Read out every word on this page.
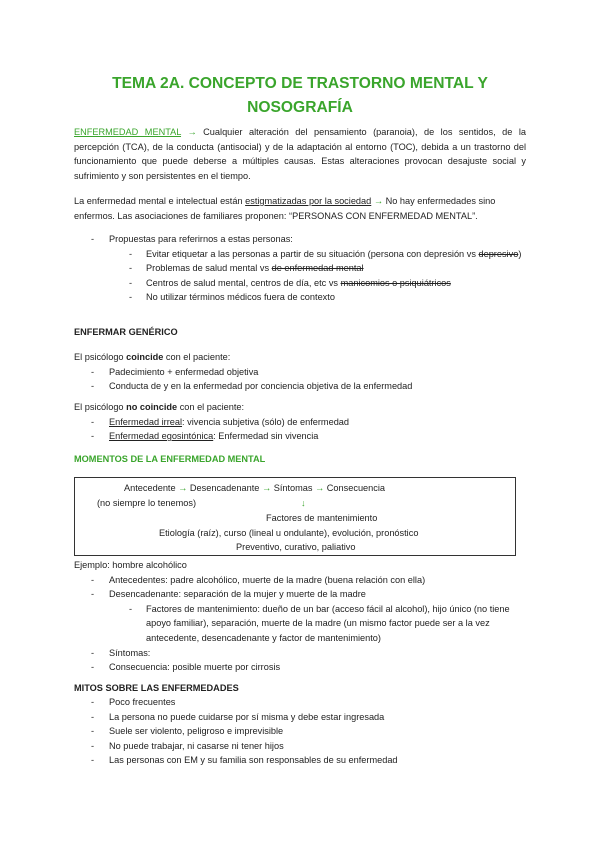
TEMA 2A. CONCEPTO DE TRASTORNO MENTAL Y
NOSOGRAFÍA

ENFERMEDAD MENTAL → Cualquier alteración del pensamiento (paranoia), de los sentidos, de la percepción (TCA), de la conducta (antisocial) y de la adaptación al entorno (TOC), debida a un trastorno del funcionamiento que puede deberse a múltiples causas. Estas alteraciones provocan desajuste social y sufrimiento y son persistentes en el tiempo.

La enfermedad mental e intelectual están estigmatizadas por la sociedad → No hay enfermedades sino enfermos. Las asociaciones de familiares proponen: “PERSONAS CON ENFERMEDAD MENTAL”.

- Propuestas para referirnos a estas personas:
- Evitar etiquetar a las personas a partir de su situación (persona con depresión vs depresivo)
- Problemas de salud mental vs de enfermedad mental
- Centros de salud mental, centros de día, etc vs manicomios o psiquiátricos
- No utilizar términos médicos fuera de contexto
ENFERMAR GENÉRICO

El psicólogo coincide con el paciente:

- Padecimiento + enfermedad objetiva
- Conducta de y en la enfermedad por conciencia objetiva de la enfermedad

El psicólogo no coincide con el paciente:

- Enfermedad irreal: vivencia subjetiva (sólo) de enfermedad
- Enfermedad egosintónica: Enfermedad sin vivencia
MOMENTOS DE LA ENFERMEDAD MENTAL
Antecedente → Desencadenante → Síntomas → Consecuencia
(no siempre lo tenemos)	↓
Factores de mantenimiento
Etiología (raíz), curso (lineal u ondulante), evolución, pronóstico
Preventivo, curativo, paliativo

Ejemplo: hombre alcohólico

- Antecedentes: padre alcohólico, muerte de la madre (buena relación con ella)
- Desencadenante: separación de la mujer y muerte de la madre
- Factores de mantenimiento: dueño de un bar (acceso fácil al alcohol), hijo único (no tiene apoyo familiar), separación, muerte de la madre (un mismo factor puede ser a la vez antecedente, desencadenante y factor de mantenimiento)
- Síntomas:
- Consecuencia: posible muerte por cirrosis
MITOS SOBRE LAS ENFERMEDADES
- Poco frecuentes
- La persona no puede cuidarse por sí misma y debe estar ingresada
- Suele ser violento, peligroso e imprevisible
- No puede trabajar, ni casarse ni tener hijos
- Las personas con EM y su familia son responsables de su enfermedad
